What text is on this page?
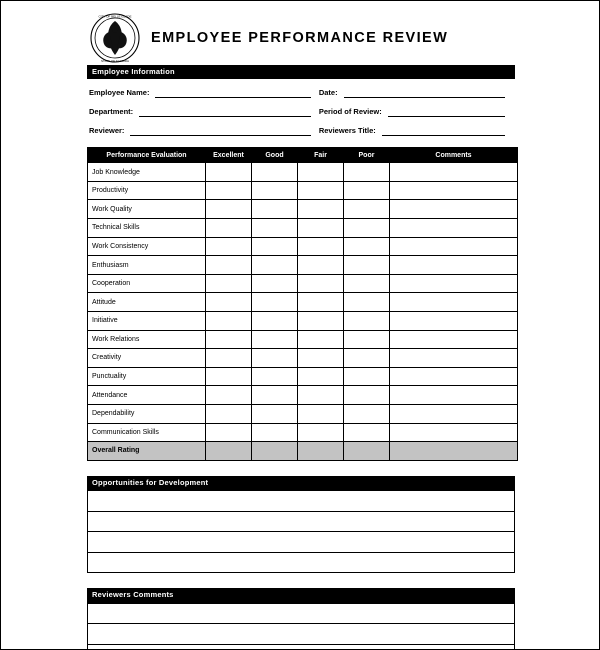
CITY OF BELLE GLADE
STATE OF FLORIDA
EMPLOYEE PERFORMANCE REVIEW
Employee Information
Employee Name:	Date:
Department:	Period of Review:
Reviewer:	Reviewers Title:
Performance Evaluation	Excellent	Good	Fair	Poor	Comments
Job Knowledge					
Productivity					
Work Quality					
Technical Skills					
Work Consistency					
Enthusiasm					
Cooperation					
Attitude					
Initiative					
Work Relations					
Creativity					
Punctuality					
Attendance					
Dependability					
Communication Skills					
Overall Rating					
Opportunities for Development

Reviewers Comments
